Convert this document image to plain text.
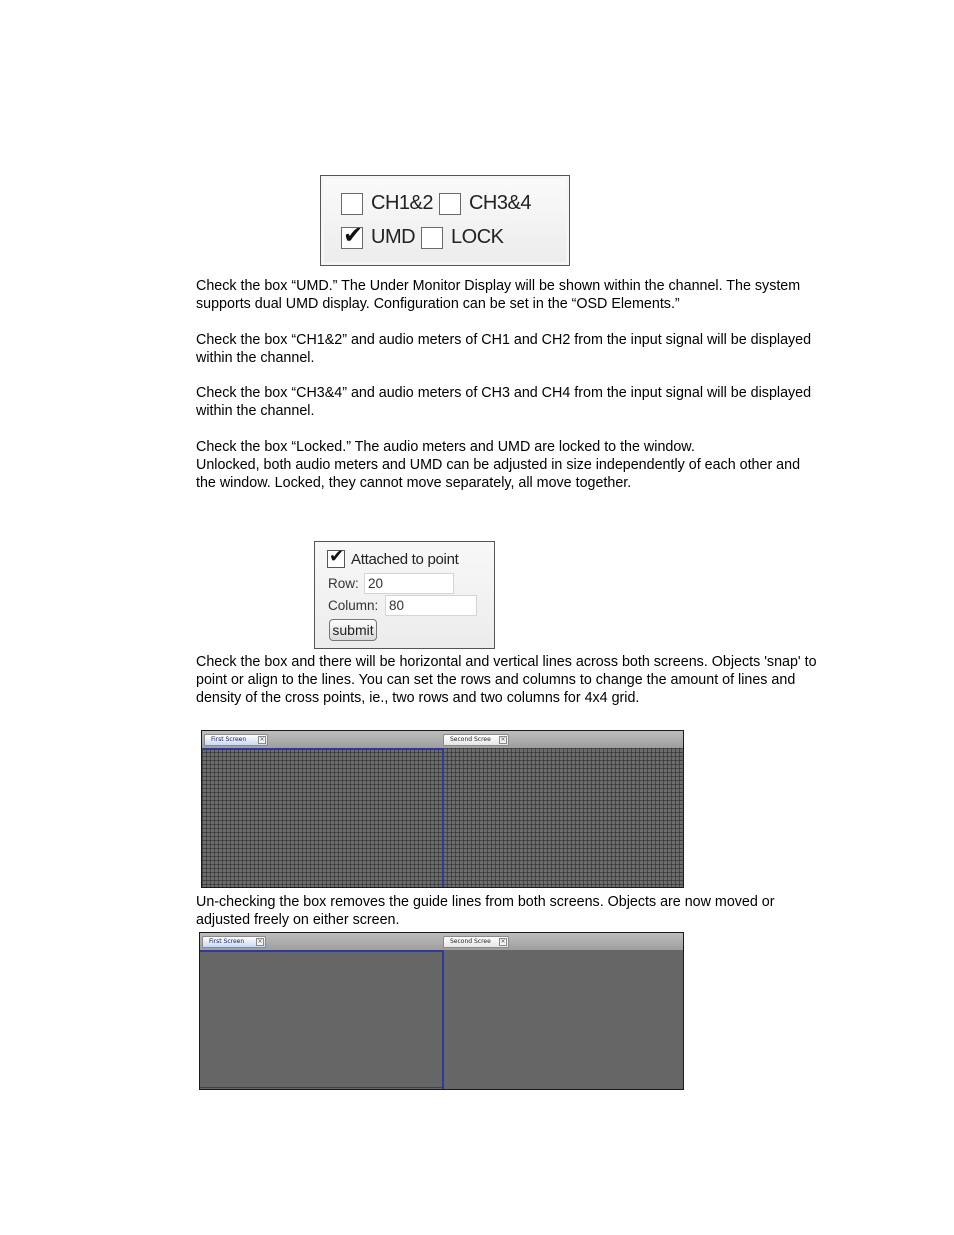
CH1&2 CH3&4
✔
UMD LOCK
Check the box “UMD.” The Under Monitor Display will be shown within the channel. The system supports dual UMD display. Configuration can be set in the “OSD Elements.”
Check the box “CH1&2” and audio meters of CH1 and CH2 from the input signal will be displayed within the channel.
Check the box “CH3&4” and audio meters of CH3 and CH4 from the input signal will be displayed within the channel.
Check the box “Locked.” The audio meters and UMD are locked to the window.
Unlocked, both audio meters and UMD can be adjusted in size independently of each other and the window. Locked, they cannot move separately, all move together.
✔
Attached to point
Row:
20
Column:
80
submit
Check the box and there will be horizontal and vertical lines across both screens. Objects 'snap' to point or align to the lines. You can set the rows and columns to change the amount of lines and density of the cross points, ie., two rows and two columns for 4x4 grid.
First Screen ×	Second Scree ×
Un-checking the box removes the guide lines from both screens. Objects are now moved or adjusted freely on either screen.
First Screen ×	Second Scree ×
